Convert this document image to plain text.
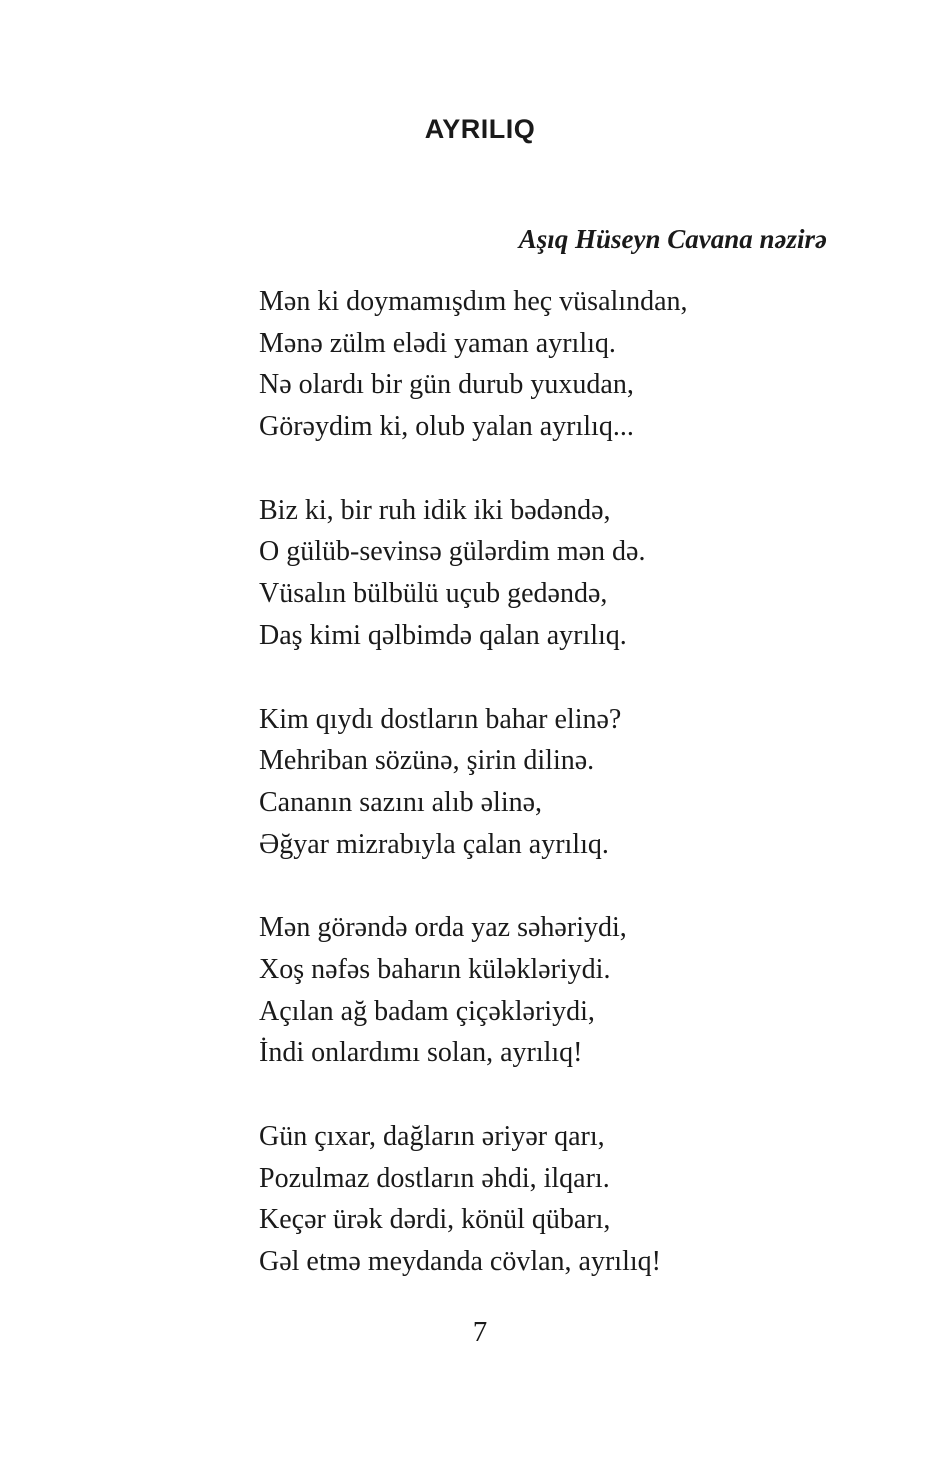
AYRILIQ

Aşıq Hüseyn Cavana nəzirə

Mən ki doymamışdım heç vüsalından,
Mənə zülm elədi yaman ayrılıq.
Nə olardı bir gün durub yuxudan,
Görəydim ki, olub yalan ayrılıq...
Biz ki, bir ruh idik iki bədəndə,
O gülüb-sevinsə gülərdim mən də.
Vüsalın bülbülü uçub gedəndə,
Daş kimi qəlbimdə qalan ayrılıq.
Kim qıydı dostların bahar elinə?
Mehriban sözünə, şirin dilinə.
Cananın sazını alıb əlinə,
Əğyar mizrabıyla çalan ayrılıq.
Mən görəndə orda yaz səhəriydi,
Xoş nəfəs baharın küləkləriydi.
Açılan ağ badam çiçəkləriydi,
İndi onlardımı solan, ayrılıq!
Gün çıxar, dağların əriyər qarı,
Pozulmaz dostların əhdi, ilqarı.
Keçər ürək dərdi, könül qübarı,
Gəl etmə meydanda cövlan, ayrılıq!

7
